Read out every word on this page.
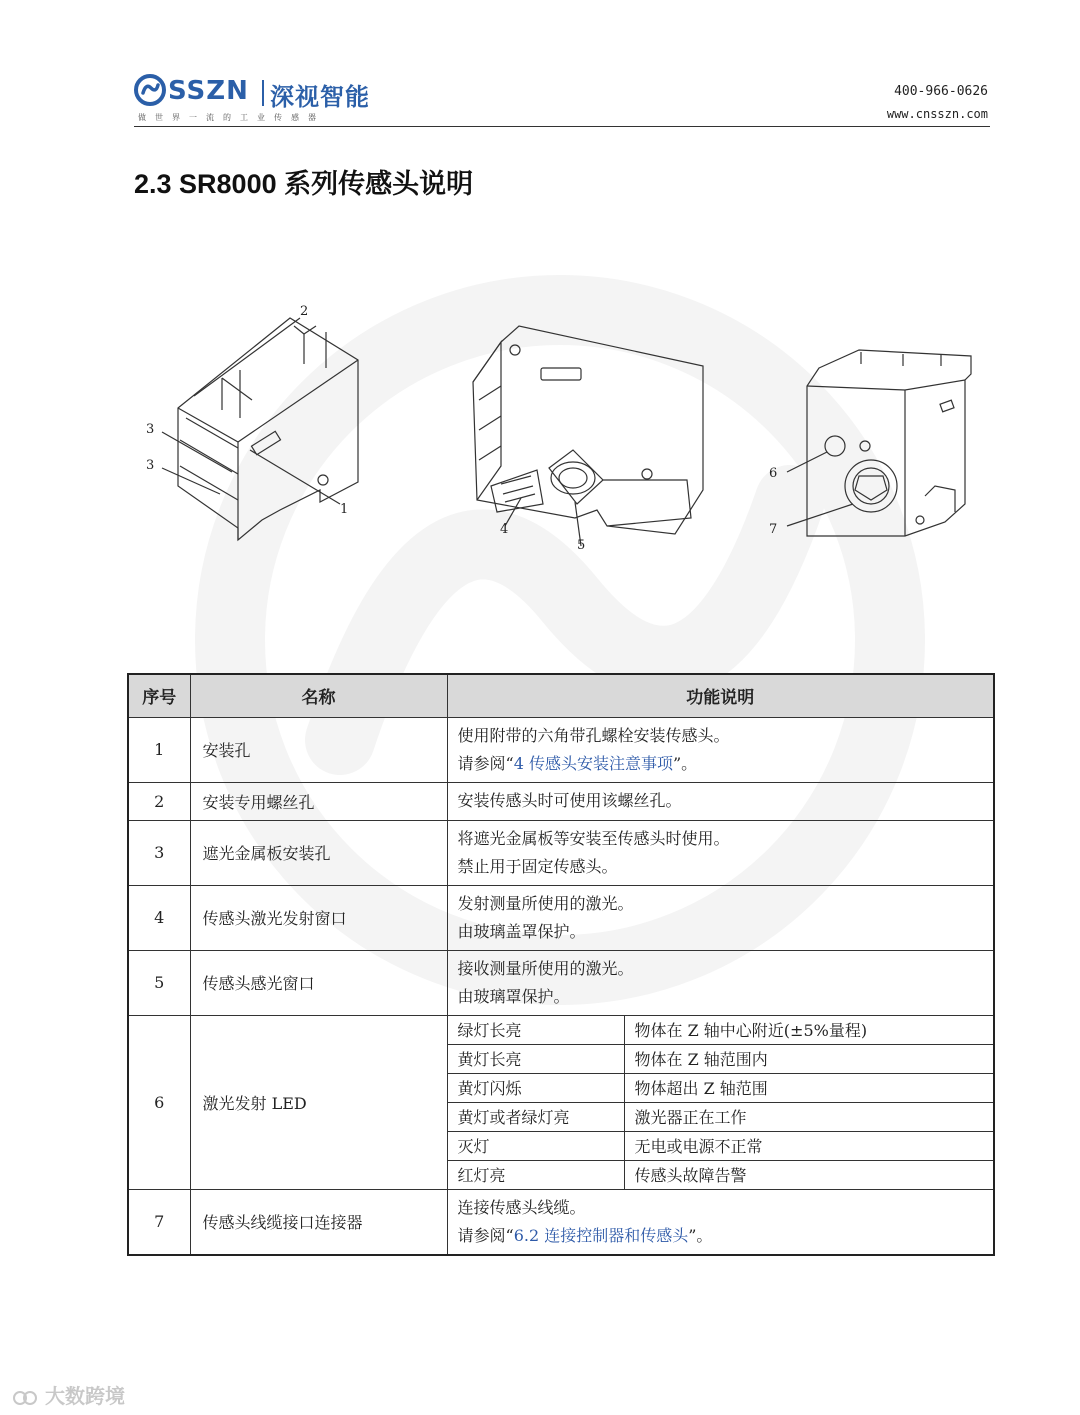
SSZN 深视智能
做世界一流的工业传感器
400-966-0626
www.cnsszn.com
2.3 SR8000 系列传感头说明
2
3
3
1
4
5
6
7
序号	名称	功能说明	
1	安装孔	使用附带的六角带孔螺栓安装传感头。
请参阅“4 传感头安装注意事项”。	

2	安装专用螺丝孔	安装传感头时可使用该螺丝孔。	

3	遮光金属板安装孔	将遮光金属板等安装至传感头时使用。
禁止用于固定传感头。	

4	传感头激光发射窗口	发射测量所使用的激光。
由玻璃盖罩保护。	

5	传感头感光窗口	接收测量所使用的激光。
由玻璃罩保护。	

6	激光发射 LED	绿灯长亮	物体在 Z 轴中心附近(±5%量程)
		黄灯长亮	物体在 Z 轴范围内
		黄灯闪烁	物体超出 Z 轴范围
		黄灯或者绿灯亮	激光器正在工作
		灭灯	无电或电源不正常
		红灯亮	传感头故障告警
7	传感头线缆接口连接器	连接传感头线缆。
请参阅“6.2 连接控制器和传感头”。	
大数跨境
